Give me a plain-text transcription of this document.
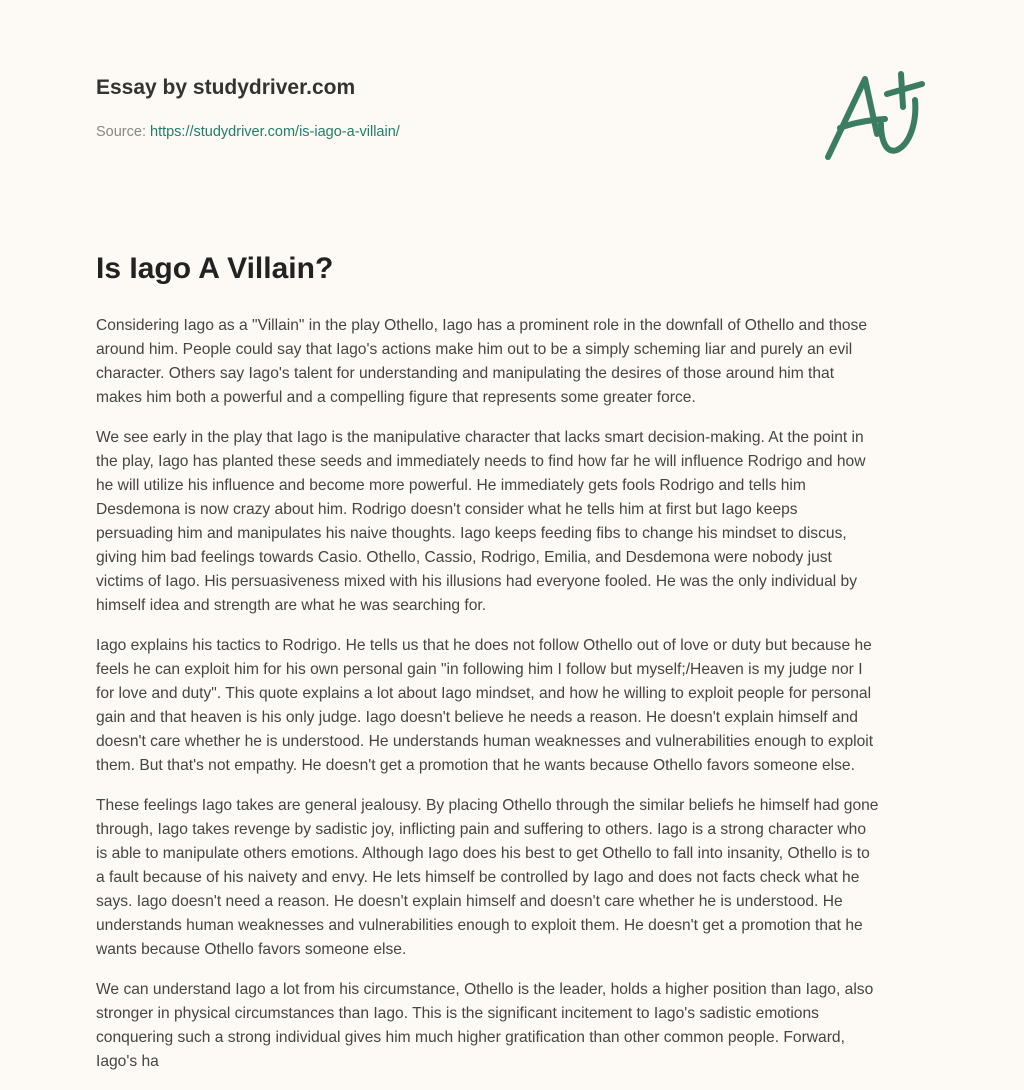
Essay by studydriver.com
Source: https://studydriver.com/is-iago-a-villain/
Is Iago A Villain?

Considering Iago as a "Villain" in the play Othello, Iago has a prominent role in the downfall of Othello and those
around him. People could say that Iago's actions make him out to be a simply scheming liar and purely an evil
character. Others say Iago's talent for understanding and manipulating the desires of those around him that
makes him both a powerful and a compelling figure that represents some greater force.

We see early in the play that Iago is the manipulative character that lacks smart decision-making. At the point in
the play, Iago has planted these seeds and immediately needs to find how far he will influence Rodrigo and how
he will utilize his influence and become more powerful. He immediately gets fools Rodrigo and tells him
Desdemona is now crazy about him. Rodrigo doesn't consider what he tells him at first but Iago keeps
persuading him and manipulates his naive thoughts. Iago keeps feeding fibs to change his mindset to discus,
giving him bad feelings towards Casio. Othello, Cassio, Rodrigo, Emilia, and Desdemona were nobody just
victims of Iago. His persuasiveness mixed with his illusions had everyone fooled. He was the only individual by
himself idea and strength are what he was searching for.

Iago explains his tactics to Rodrigo. He tells us that he does not follow Othello out of love or duty but because he
feels he can exploit him for his own personal gain "in following him I follow but myself;/Heaven is my judge nor I
for love and duty". This quote explains a lot about Iago mindset, and how he willing to exploit people for personal
gain and that heaven is his only judge. Iago doesn't believe he needs a reason. He doesn't explain himself and
doesn't care whether he is understood. He understands human weaknesses and vulnerabilities enough to exploit
them. But that's not empathy. He doesn't get a promotion that he wants because Othello favors someone else.

These feelings Iago takes are general jealousy. By placing Othello through the similar beliefs he himself had gone
through, Iago takes revenge by sadistic joy, inflicting pain and suffering to others. Iago is a strong character who
is able to manipulate others emotions. Although Iago does his best to get Othello to fall into insanity, Othello is to
a fault because of his naivety and envy. He lets himself be controlled by Iago and does not facts check what he
says. Iago doesn't need a reason. He doesn't explain himself and doesn't care whether he is understood. He
understands human weaknesses and vulnerabilities enough to exploit them. He doesn't get a promotion that he
wants because Othello favors someone else.

We can understand Iago a lot from his circumstance, Othello is the leader, holds a higher position than Iago, also
stronger in physical circumstances than Iago. This is the significant incitement to Iago's sadistic emotions
conquering such a strong individual gives him much higher gratification than other common people. Forward,
Iago's ha
